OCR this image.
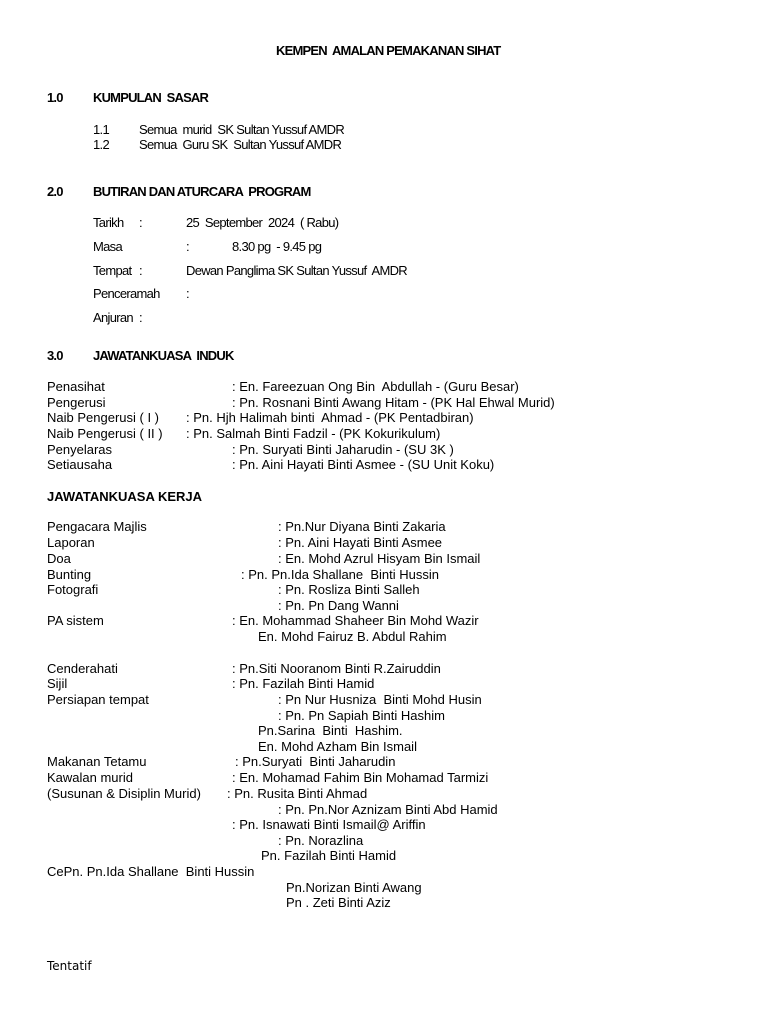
KEMPEN  AMALAN PEMAKANAN SIHAT
1.0 KUMPULAN  SASAR
1.1 Semua  murid  SK Sultan Yussuf AMDR
1.2 Semua  Guru SK  Sultan Yussuf AMDR
2.0 BUTIRAN DAN ATURCARA  PROGRAM
Tarikh :	25  September  2024  ( Rabu)
Masa	:	8.30 pg  - 9.45 pg
Tempat :	Dewan Panglima SK Sultan Yussuf  AMDR
Penceramah :
Anjuran :
3.0 JAWATANKUASA  INDUK
Penasihat	: En. Fareezuan Ong Bin  Abdullah - (Guru Besar)
Pengerusi	: Pn. Rosnani Binti Awang Hitam - (PK Hal Ehwal Murid)
Naib Pengerusi ( I ) : Pn. Hjh Halimah binti  Ahmad - (PK Pentadbiran)
Naib Pengerusi ( II ) : Pn. Salmah Binti Fadzil - (PK Kokurikulum)
Penyelaras	: Pn. Suryati Binti Jaharudin - (SU 3K )
Setiausaha	: Pn. Aini Hayati Binti Asmee - (SU Unit Koku)
JAWATANKUASA KERJA
Pengacara Majlis	: Pn.Nur Diyana Binti Zakaria
Laporan	: Pn. Aini Hayati Binti Asmee
Doa	: En. Mohd Azrul Hisyam Bin Ismail
Bunting	: Pn. Pn.Ida Shallane  Binti Hussin
Fotografi	: Pn. Rosliza Binti Salleh
: Pn. Pn Dang Wanni
PA sistem	: En. Mohammad Shaheer Bin Mohd Wazir
En. Mohd Fairuz B. Abdul Rahim
Cenderahati	: Pn.Siti Nooranom Binti R.Zairuddin
Sijil	: Pn. Fazilah Binti Hamid
Persiapan tempat	: Pn Nur Husniza  Binti Mohd Husin
: Pn. Pn Sapiah Binti Hashim
Pn.Sarina  Binti  Hashim.
En. Mohd Azham Bin Ismail
Makanan Tetamu	: Pn.Suryati  Binti Jaharudin
Kawalan murid	: En. Mohamad Fahim Bin Mohamad Tarmizi
(Susunan & Disiplin Murid) : Pn. Rusita Binti Ahmad
: Pn. Pn.Nor Aznizam Binti Abd Hamid
: Pn. Isnawati Binti Ismail@ Ariffin
: Pn. Norazlina
Pn. Fazilah Binti Hamid
CePn. Pn.Ida Shallane  Binti Hussin
Pn.Norizan Binti Awang
Pn . Zeti Binti Aziz
Tentatif
